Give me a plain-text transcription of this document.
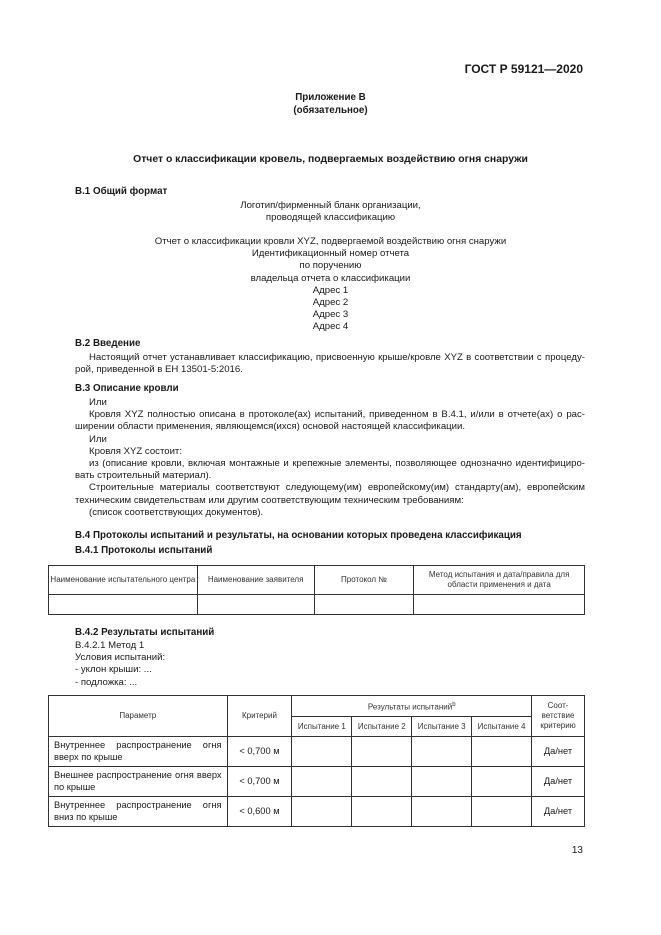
ГОСТ Р 59121—2020
Приложение В
(обязательное)
Отчет о классификации кровель, подвергаемых воздействию огня снаружи
В.1 Общий формат
Логотип/фирменный бланк организации,
проводящей классификацию
Отчет о классификации кровли XYZ, подвергаемой воздействию огня снаружи
Идентификационный номер отчета
по поручению
владельца отчета о классификации
Адрес 1
Адрес 2
Адрес 3
Адрес 4
В.2 Введение
Настоящий отчет устанавливает классификацию, присвоенную крыше/кровле XYZ в соответствии с процеду- рой, приведенной в ЕН 13501-5:2016.
В.3 Описание кровли

Или

Кровля XYZ полностью описана в протоколе(ах) испытаний, приведенном в В.4.1, и/или в отчете(ах) о рас- ширении области применения, являющемся(ихся) основой настоящей классификации.

Или

Кровля XYZ состоит:

из (описание кровли, включая монтажные и крепежные элементы, позволяющее однозначно идентифициро- вать строительный материал).

Строительные материалы соответствуют следующему(им) европейскому(им) стандарту(ам), европейским техническим свидетельствам или другим соответствующим техническим требованиям:

(список соответствующих документов).

В.4 Протоколы испытаний и результаты, на основании которых проведена классификация
В.4.1 Протоколы испытаний
Наименование испытательного центра	Наименование заявителя	Протокол №	Метод испытания и дата/правила для области применения и дата

В.4.2 Результаты испытаний
В.4.2.1 Метод 1
Условия испытаний:
- уклон крыши: ...
- подложка: ...
Параметр	Критерий	Результаты испытаний$^b$				Соот- ветствие критерию
		Испытание 1	Испытание 2	Испытание 3	Испытание 4	

Внутреннее распространение огня вверх по крыше	< 0,700 м					Да/нет

Внешнее распространение огня вверх по крыше	< 0,700 м					Да/нет

Внутреннее распространение огня вниз по крыше	< 0,600 м					Да/нет
13
